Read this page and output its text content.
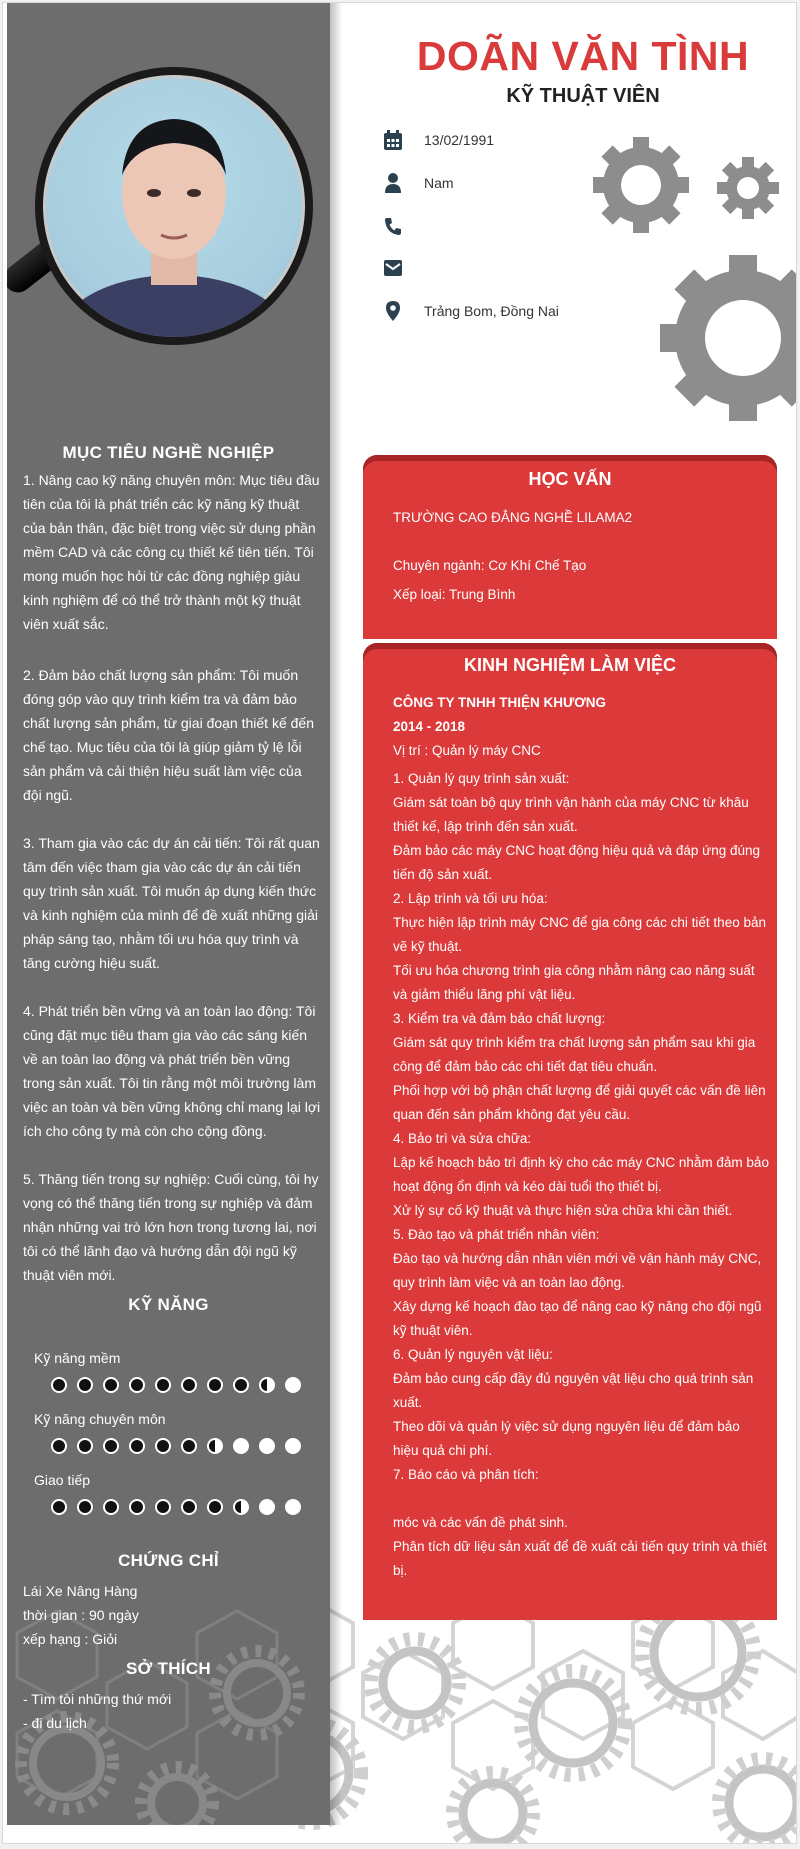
MỤC TIÊU NGHỀ NGHIỆP

1. Nâng cao kỹ năng chuyên môn: Mục tiêu đầu tiên của tôi là phát triển các kỹ năng kỹ thuật của bản thân, đặc biệt trong việc sử dụng phần mềm CAD và các công cụ thiết kế tiên tiến. Tôi mong muốn học hỏi từ các đồng nghiệp giàu kinh nghiệm để có thể trở thành một kỹ thuật viên xuất sắc.

2. Đảm bảo chất lượng sản phẩm: Tôi muốn đóng góp vào quy trình kiểm tra và đảm bảo chất lượng sản phẩm, từ giai đoạn thiết kế đến chế tạo. Mục tiêu của tôi là giúp giảm tỷ lệ lỗi sản phẩm và cải thiện hiệu suất làm việc của đội ngũ.

3. Tham gia vào các dự án cải tiến: Tôi rất quan tâm đến việc tham gia vào các dự án cải tiến quy trình sản xuất. Tôi muốn áp dụng kiến thức và kinh nghiệm của mình để đề xuất những giải pháp sáng tạo, nhằm tối ưu hóa quy trình và tăng cường hiệu suất.

4. Phát triển bền vững và an toàn lao động: Tôi cũng đặt mục tiêu tham gia vào các sáng kiến về an toàn lao động và phát triển bền vững trong sản xuất. Tôi tin rằng một môi trường làm việc an toàn và bền vững không chỉ mang lại lợi ích cho công ty mà còn cho cộng đồng.

5. Thăng tiến trong sự nghiệp: Cuối cùng, tôi hy vọng có thể thăng tiến trong sự nghiệp và đảm nhận những vai trò lớn hơn trong tương lai, nơi tôi có thể lãnh đạo và hướng dẫn đội ngũ kỹ thuật viên mới.

KỸ NĂNG
Kỹ năng mềm
Kỹ năng chuyên môn
Giao tiếp
CHỨNG CHỈ
Lái Xe Nâng Hàng
thời gian : 90 ngày
xếp hạng : Giỏi
SỞ THÍCH
- Tìm tòi những thứ mới
- đi du lịch
DOÃN VĂN TÌNH
KỸ THUẬT VIÊN
13/02/1991
Nam
Trảng Bom, Đồng Nai
HỌC VẤN
TRƯỜNG CAO ĐẲNG NGHỀ LILAMA2
Chuyên ngành: Cơ Khí Chế Tạo
Xếp loại: Trung Bình
KINH NGHIỆM LÀM VIỆC
CÔNG TY TNHH THIỆN KHƯƠNG
2014 - 2018
Vị trí : Quản lý máy CNC
1. Quản lý quy trình sản xuất:
Giám sát toàn bộ quy trình vận hành của máy CNC từ khâu thiết kế, lập trình đến sản xuất.
Đảm bảo các máy CNC hoạt động hiệu quả và đáp ứng đúng tiến độ sản xuất.
2. Lập trình và tối ưu hóa:
Thực hiện lập trình máy CNC để gia công các chi tiết theo bản vẽ kỹ thuật.
Tối ưu hóa chương trình gia công nhằm nâng cao năng suất và giảm thiểu lãng phí vật liệu.
3. Kiểm tra và đảm bảo chất lượng:
Giám sát quy trình kiểm tra chất lượng sản phẩm sau khi gia công để đảm bảo các chi tiết đạt tiêu chuẩn.
Phối hợp với bộ phận chất lượng để giải quyết các vấn đề liên quan đến sản phẩm không đạt yêu cầu.
4. Bảo trì và sửa chữa:
Lập kế hoạch bảo trì định kỳ cho các máy CNC nhằm đảm bảo hoạt động ổn định và kéo dài tuổi thọ thiết bị.
Xử lý sự cố kỹ thuật và thực hiện sửa chữa khi cần thiết.
5. Đào tạo và phát triển nhân viên:
Đào tạo và hướng dẫn nhân viên mới về vận hành máy CNC, quy trình làm việc và an toàn lao động.
Xây dựng kế hoạch đào tạo để nâng cao kỹ năng cho đội ngũ kỹ thuật viên.
6. Quản lý nguyên vật liệu:
Đảm bảo cung cấp đầy đủ nguyên vật liệu cho quá trình sản xuất.
Theo dõi và quản lý việc sử dụng nguyên liệu để đảm bảo hiệu quả chi phí.
7. Báo cáo và phân tích:
móc và các vấn đề phát sinh.
Phân tích dữ liệu sản xuất để đề xuất cải tiến quy trình và thiết bị.
